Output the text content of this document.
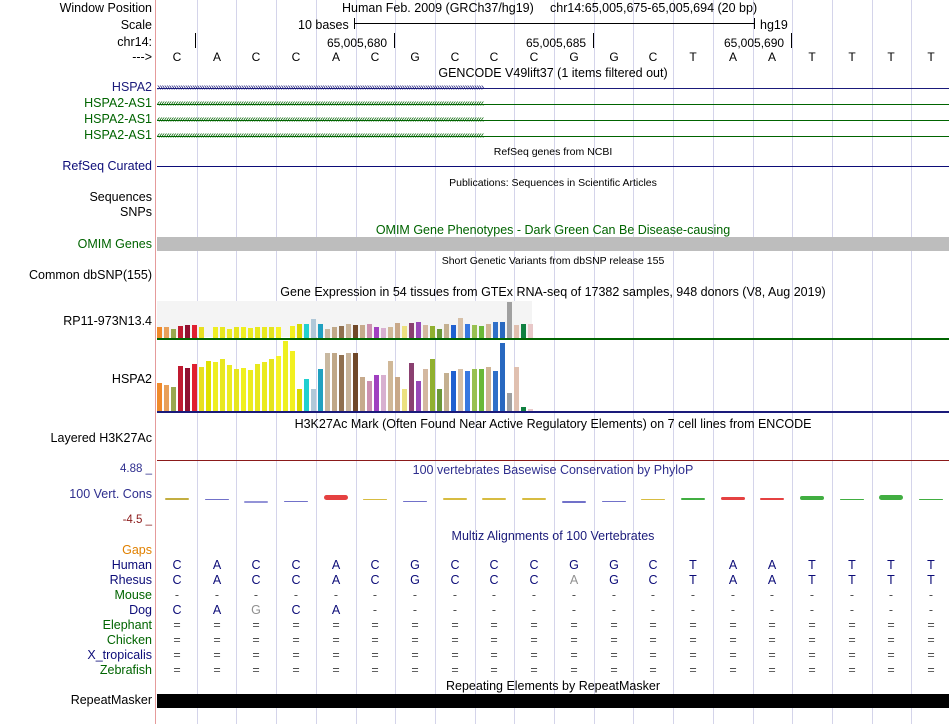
Window Position
Scale
chr14:
--->
Human Feb. 2009 (GRCh37/hg19) chr14:65,005,675-65,005,694 (20 bp)
10 bases	hg19
65,005,680	65,005,685	65,005,690
C	A	C	C	A	C	G	C	C	C	G	G	C	T	A	A	T	T	T	T
GENCODE V49lift37 (1 items filtered out)
HSPA2 ››››››››››››››››››››››››››››››››››››››››››››››››››››››››››››››››››››››››››››››››››››››››››››››››››››››››››››››››››››››››››››››››››››››››››››
HSPA2-AS1 ‹‹‹‹‹‹‹‹‹‹‹‹‹‹‹‹‹‹‹‹‹‹‹‹‹‹‹‹‹‹‹‹‹‹‹‹‹‹‹‹‹‹‹‹‹‹‹‹‹‹‹‹‹‹‹‹‹‹‹‹‹‹‹‹‹‹‹‹‹‹‹‹‹‹‹‹‹‹‹‹‹‹‹‹‹‹‹‹‹‹‹‹‹‹‹‹‹‹‹‹‹‹‹‹‹‹‹‹‹‹‹‹‹‹‹‹‹‹‹‹‹‹‹‹‹‹‹‹‹‹‹‹‹‹‹‹‹‹‹‹
HSPA2-AS1 ‹‹‹‹‹‹‹‹‹‹‹‹‹‹‹‹‹‹‹‹‹‹‹‹‹‹‹‹‹‹‹‹‹‹‹‹‹‹‹‹‹‹‹‹‹‹‹‹‹‹‹‹‹‹‹‹‹‹‹‹‹‹‹‹‹‹‹‹‹‹‹‹‹‹‹‹‹‹‹‹‹‹‹‹‹‹‹‹‹‹‹‹‹‹‹‹‹‹‹‹‹‹‹‹‹‹‹‹‹‹‹‹‹‹‹‹‹‹‹‹‹‹‹‹‹‹‹‹‹‹‹‹‹‹‹‹‹‹‹‹
HSPA2-AS1 ‹‹‹‹‹‹‹‹‹‹‹‹‹‹‹‹‹‹‹‹‹‹‹‹‹‹‹‹‹‹‹‹‹‹‹‹‹‹‹‹‹‹‹‹‹‹‹‹‹‹‹‹‹‹‹‹‹‹‹‹‹‹‹‹‹‹‹‹‹‹‹‹‹‹‹‹‹‹‹‹‹‹‹‹‹‹‹‹‹‹‹‹‹‹‹‹‹‹‹‹‹‹‹‹‹‹‹‹‹‹‹‹‹‹‹‹‹‹‹‹‹‹‹‹‹‹‹‹‹‹‹‹‹‹‹‹‹‹‹‹
RefSeq genes from NCBI
RefSeq Curated
Publications: Sequences in Scientific Articles
Sequences
SNPs
OMIM Gene Phenotypes - Dark Green Can Be Disease-causing
OMIM Genes
Short Genetic Variants from dbSNP release 155
Common dbSNP(155)
Gene Expression in 54 tissues from GTEx RNA-seq of 17382 samples, 948 donors (V8, Aug 2019)
RP11-973N13.4
HSPA2
H3K27Ac Mark (Often Found Near Active Regulatory Elements) on 7 cell lines from ENCODE
Layered H3K27Ac
100 vertebrates Basewise Conservation by PhyloP
4.88 _
100 Vert. Cons
-4.5 _
Multiz Alignments of 100 Vertebrates
Gaps
Human	C	A	C	C	A	C	G	C	C	C	G	G	C	T	A	A	T	T	T	T
Rhesus	C	A	C	C	A	C	G	C	C	C	A	G	C	T	A	A	T	T	T	T
Mouse	-	-	-	-	-	-	-	-	-	-	-	-	-	-	-	-	-	-	-	-
Dog	C	A	G	C	A	-	-	-	-	-	-	-	-	-	-	-	-	-	-	-
Elephant	=	=	=	=	=	=	=	=	=	=	=	=	=	=	=	=	=	=	=	=
Chicken	=	=	=	=	=	=	=	=	=	=	=	=	=	=	=	=	=	=	=	=
X_tropicalis	=	=	=	=	=	=	=	=	=	=	=	=	=	=	=	=	=	=	=	=
Zebrafish	=	=	=	=	=	=	=	=	=	=	=	=	=	=	=	=	=	=	=	=
Repeating Elements by RepeatMasker
RepeatMasker
